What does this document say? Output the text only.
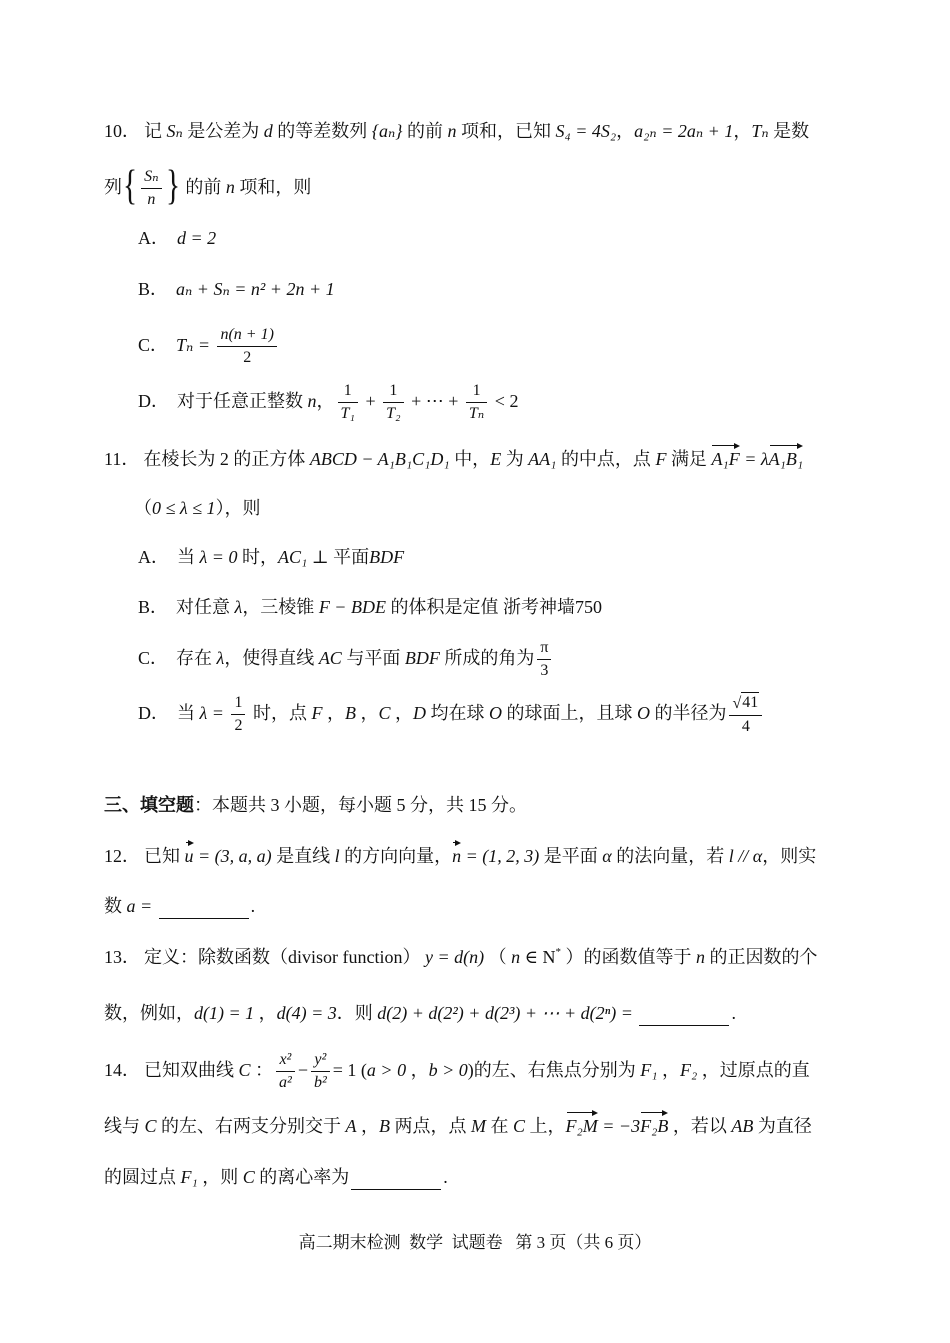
10． 记 Sₙ 是公差为 d 的等差数列 {aₙ} 的前 n 项和，已知 S₄ = 4S₂ ， a₂ₙ = 2aₙ + 1 ， Tₙ 是数
列 { $\frac{\text{Sₙ}}{n}$ } 的前 n 项和，则
A． d = 2
B． aₙ + Sₙ = n² + 2n + 1
C． $T_n = \frac{n(n + 1)}{2}$
D． 对于任意正整数 n ， $\frac{1}{\text{T₁}} + \frac{1}{\text{T₂}}$ + ⋯ + $\frac{1}{\text{Tₙ}} < 2$
11． 在棱长为 2 的正方体 ABCD − A₁B₁C₁D₁ 中， E 为 AA₁ 的中点，点 F 满足 A₁F = λ A₁B₁
（ 0 ≤ λ ≤ 1 ），则
A． 当 λ = 0 时， AC₁ ⊥ 平面 BDF
B． 对任意 λ ，三棱锥 F − BDE 的体积是定值 浙考神墙750
C． 存在 λ ，使得直线 AC 与平面 BDF 所成的角为 $\frac{\pi}{3}$
D． 当 $\lambda = \frac{1}{2}$ 时，点 F ， B ， C ， D 均在球 O 的球面上，且球 O 的半径为 $\frac{√ 41}{4}$
三、填空题 ：本题共 3 小题，每小题 5 分，共 15 分。
12． 已知 u = (3, a, a) 是直线 l 的方向向量， n = (1, 2, 3) 是平面 α 的法向量，若 l // α ，则实
数 a =	.
13． 定义：除数函数（divisor function） y = d(n) （ n ∈ N * ）的函数值等于 n 的正因数的个
数，例如， d(1) = 1 ， d(4) = 3 ．则 d(2) + d(2²) + d(2³) + ⋯ + d(2ⁿ) =	.
14． 已知双曲线 C ： $\frac{\text{x²}}{\text{a²}} - \frac{\text{y²}}{\text{b²}} = 1$ ( a > 0 ， b > 0 )的左、右焦点分别为 F₁ ， F₂ ，过原点的直
线与 C 的左、右两支分别交于 A ， B 两点，点 M 在 C 上， F₂M = −3 F₂B ，若以 AB 为直径
的圆过点 F₁ ，则 C 的离心率为	.
高二期末检测  数学  试题卷   第 3 页（共 6 页）
